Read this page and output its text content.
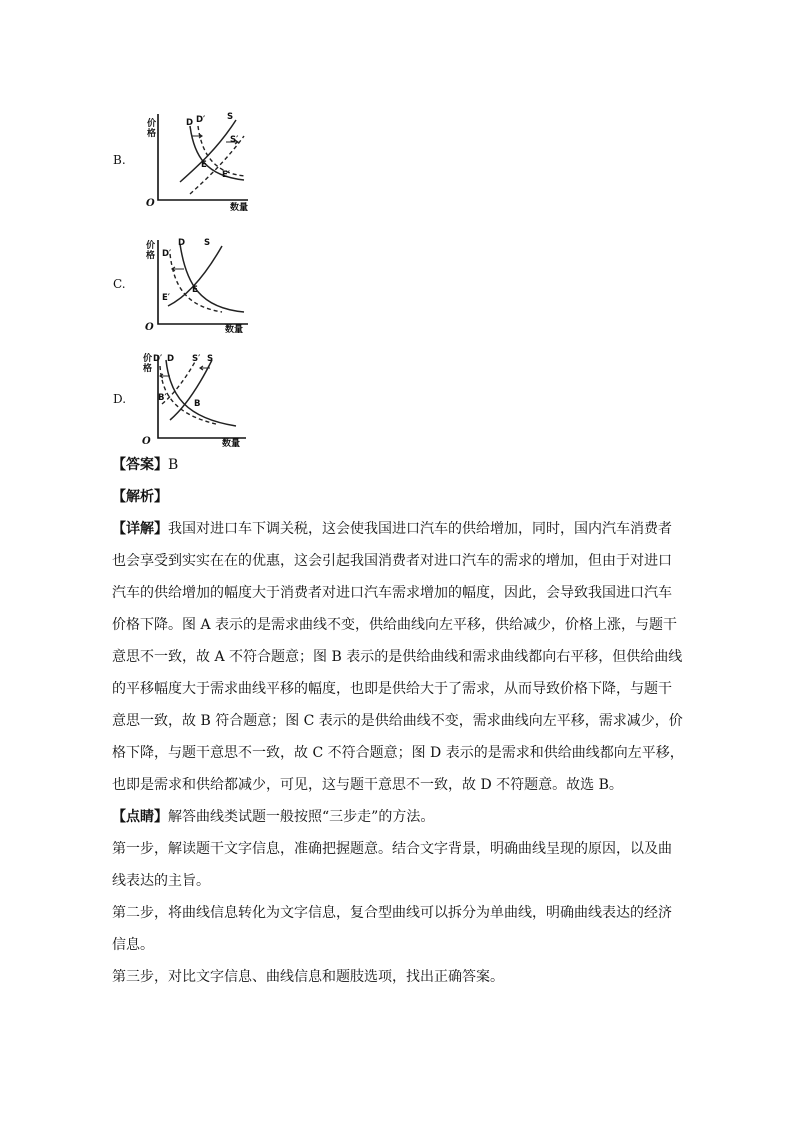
B.
价
格
数量
O
D D′	S
S′
E
E′
C.
价
格
数量
O
D
D′
S
E
E′
D.
价
格
数量
O
D′ D S′ S
B
B′
【答案】B
【解析】
【详解】我国对进口车下调关税，这会使我国进口汽车的供给增加，同时，国内汽车消费者
也会享受到实实在在的优惠，这会引起我国消费者对进口汽车的需求的增加，但由于对进口
汽车的供给增加的幅度大于消费者对进口汽车需求增加的幅度，因此，会导致我国进口汽车
价格下降。图 A 表示的是需求曲线不变，供给曲线向左平移，供给减少，价格上涨，与题干
意思不一致，故 A 不符合题意；图 B 表示的是供给曲线和需求曲线都向右平移，但供给曲线
的平移幅度大于需求曲线平移的幅度，也即是供给大于了需求，从而导致价格下降，与题干
意思一致，故 B 符合题意；图 C 表示的是供给曲线不变，需求曲线向左平移，需求减少，价
格下降，与题干意思不一致，故 C 不符合题意；图 D 表示的是需求和供给曲线都向左平移，
也即是需求和供给都减少，可见，这与题干意思不一致，故 D 不符题意。故选 B。
【点睛】解答曲线类试题一般按照“三步走”的方法。
第一步，解读题干文字信息，准确把握题意。结合文字背景，明确曲线呈现的原因，以及曲
线表达的主旨。
第二步，将曲线信息转化为文字信息，复合型曲线可以拆分为单曲线，明确曲线表达的经济
信息。
第三步，对比文字信息、曲线信息和题肢选项，找出正确答案。
